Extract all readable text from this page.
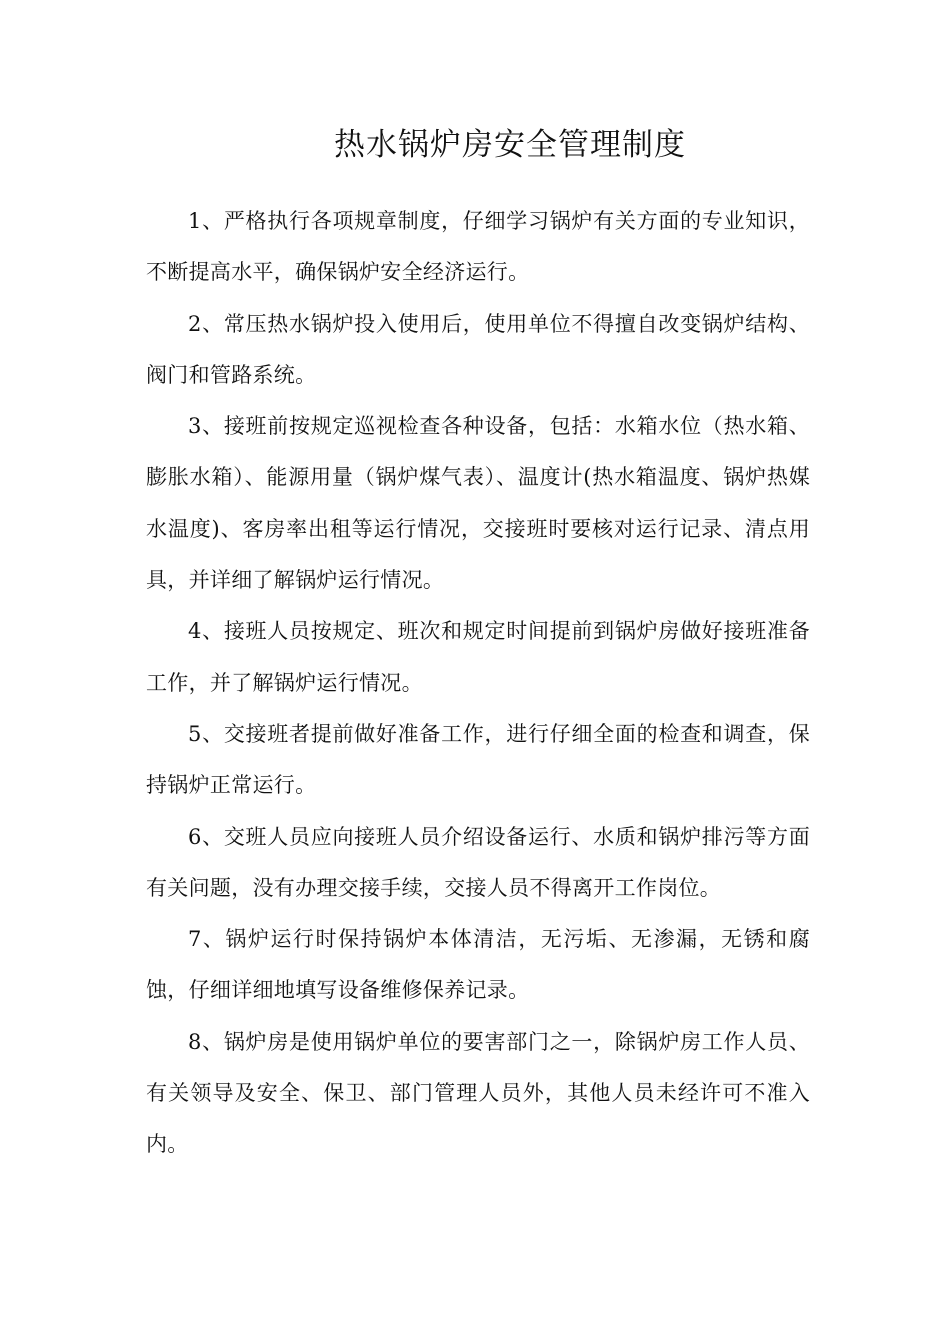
热水锅炉房安全管理制度

1、严格执行各项规章制度，仔细学习锅炉有关方面的专业知识，不断提高水平，确保锅炉安全经济运行。

2、常压热水锅炉投入使用后，使用单位不得擅自改变锅炉结构、阀门和管路系统。

3、接班前按规定巡视检查各种设备，包括：水箱水位（热水箱、膨胀水箱）、能源用量（锅炉煤气表）、温度计(热水箱温度、锅炉热媒水温度)、客房率出租等运行情况，交接班时要核对运行记录、清点用具，并详细了解锅炉运行情况。

4、接班人员按规定、班次和规定时间提前到锅炉房做好接班准备工作，并了解锅炉运行情况。

5、交接班者提前做好准备工作，进行仔细全面的检查和调查，保持锅炉正常运行。

6、交班人员应向接班人员介绍设备运行、水质和锅炉排污等方面有关问题，没有办理交接手续，交接人员不得离开工作岗位。

7、锅炉运行时保持锅炉本体清洁，无污垢、无渗漏，无锈和腐蚀，仔细详细地填写设备维修保养记录。

8、锅炉房是使用锅炉单位的要害部门之一，除锅炉房工作人员、有关领导及安全、保卫、部门管理人员外，其他人员未经许可不准入内。
